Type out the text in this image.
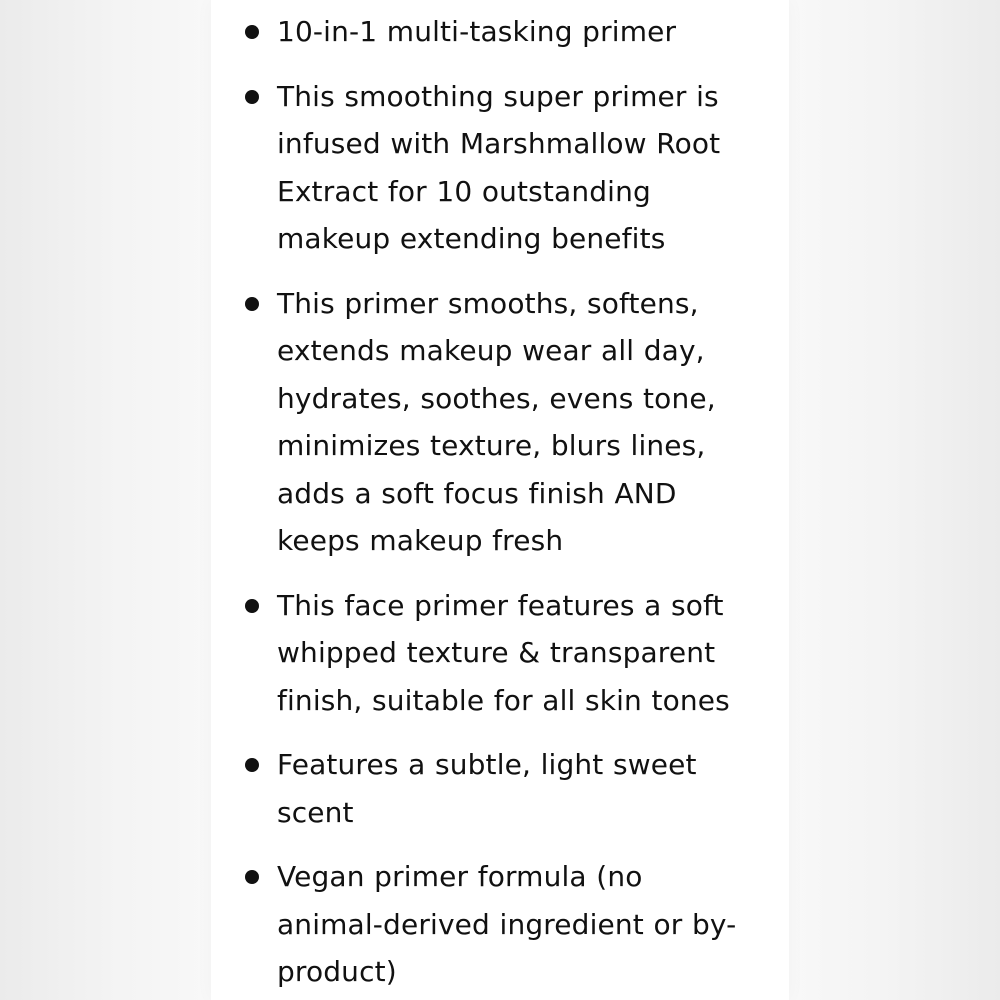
10-in-1 multi-tasking primer
This smoothing super primer is
infused with Marshmallow Root
Extract for 10 outstanding
makeup extending benefits
This primer smooths, softens,
extends makeup wear all day,
hydrates, soothes, evens tone,
minimizes texture, blurs lines,
adds a soft focus finish AND
keeps makeup fresh
This face primer features a soft
whipped texture & transparent
finish, suitable for all skin tones
Features a subtle, light sweet
scent
Vegan primer formula (no
animal-derived ingredient or by-
product)
